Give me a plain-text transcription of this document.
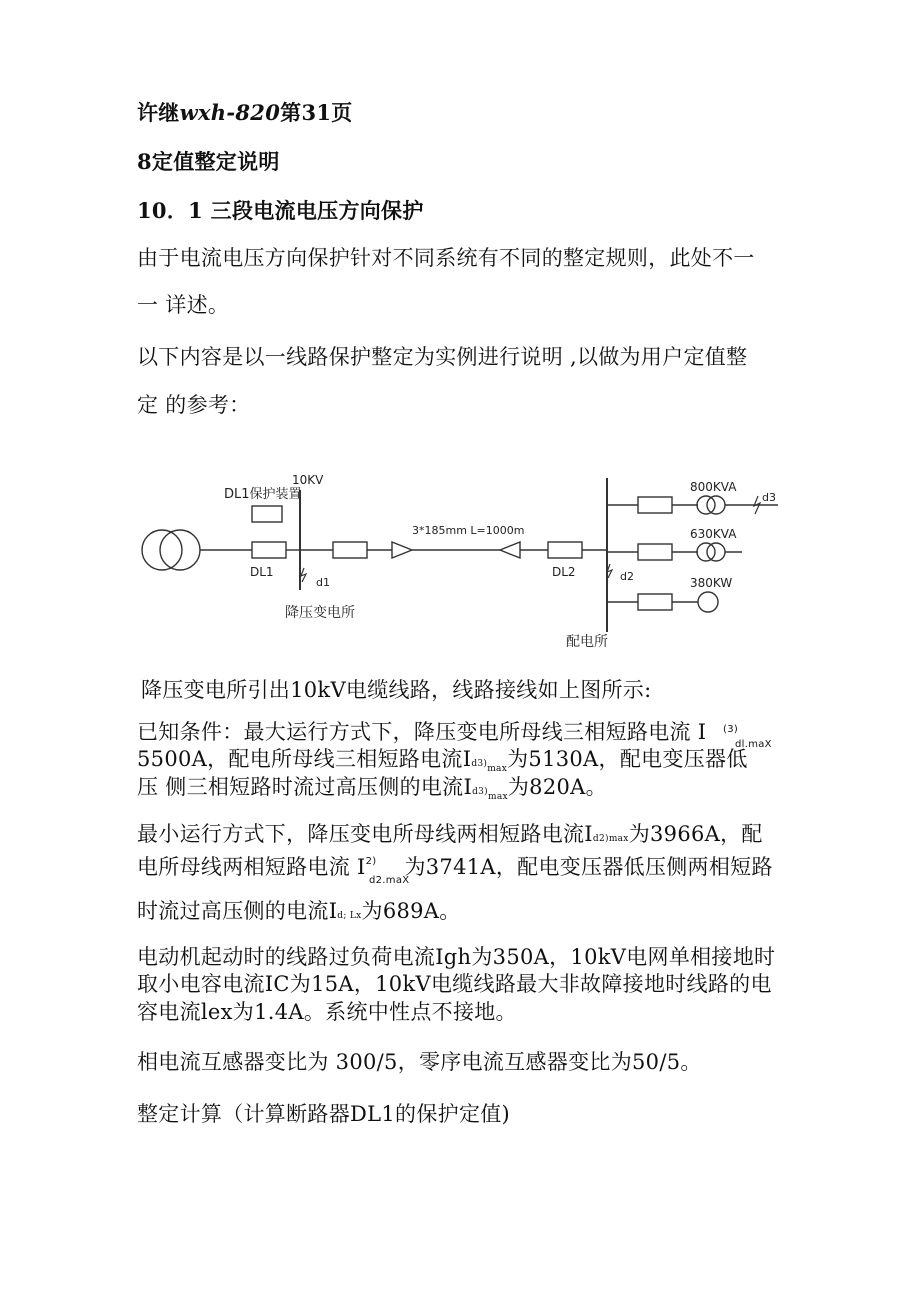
许继wxh-820第31页
8定值整定说明
10．1 三段电流电压方向保护
由于电流电压方向保护针对不同系统有不同的整定规则，此处不一
一 详述。
以下内容是以一线路保护整定为实例进行说明 ,以做为用户定值整
定 的参考：
DL1保护装置
10KV
DL1
d1
降压变电所
3*185mm L=1000m
DL2	d2
配电所
800KVA
d3
630KVA
380KW
降压变电所引出10kV电缆线路，线路接线如上图所示:
已知条件：最大运行方式下，降压变电所母线三相短路电流 I (3)
dl.maX
5500A，配电所母线三相短路电流$Id3)_{max}$为5130A，配电变压器低
压 侧三相短路时流过高压侧的电流$Id3)_{max}$为820A。
最小运行方式下，降压变电所母线两相短路电流Id2)max为3966A，配
电所母线两相短路电流 $I^{2)}$ 为3741A，配电变压器低压侧两相短路
d2.maX
时流过高压侧的电流Id; Lx为689A。
电动机起动时的线路过负荷电流Igh为350A，10kV电网单相接地时
取小电容电流IC为15A，10kV电缆线路最大非故障接地时线路的电
容电流lex为1.4A。系统中性点不接地。
相电流互感器变比为 300/5，零序电流互感器变比为50/5。
整定计算（计算断路器DL1的保护定值)
